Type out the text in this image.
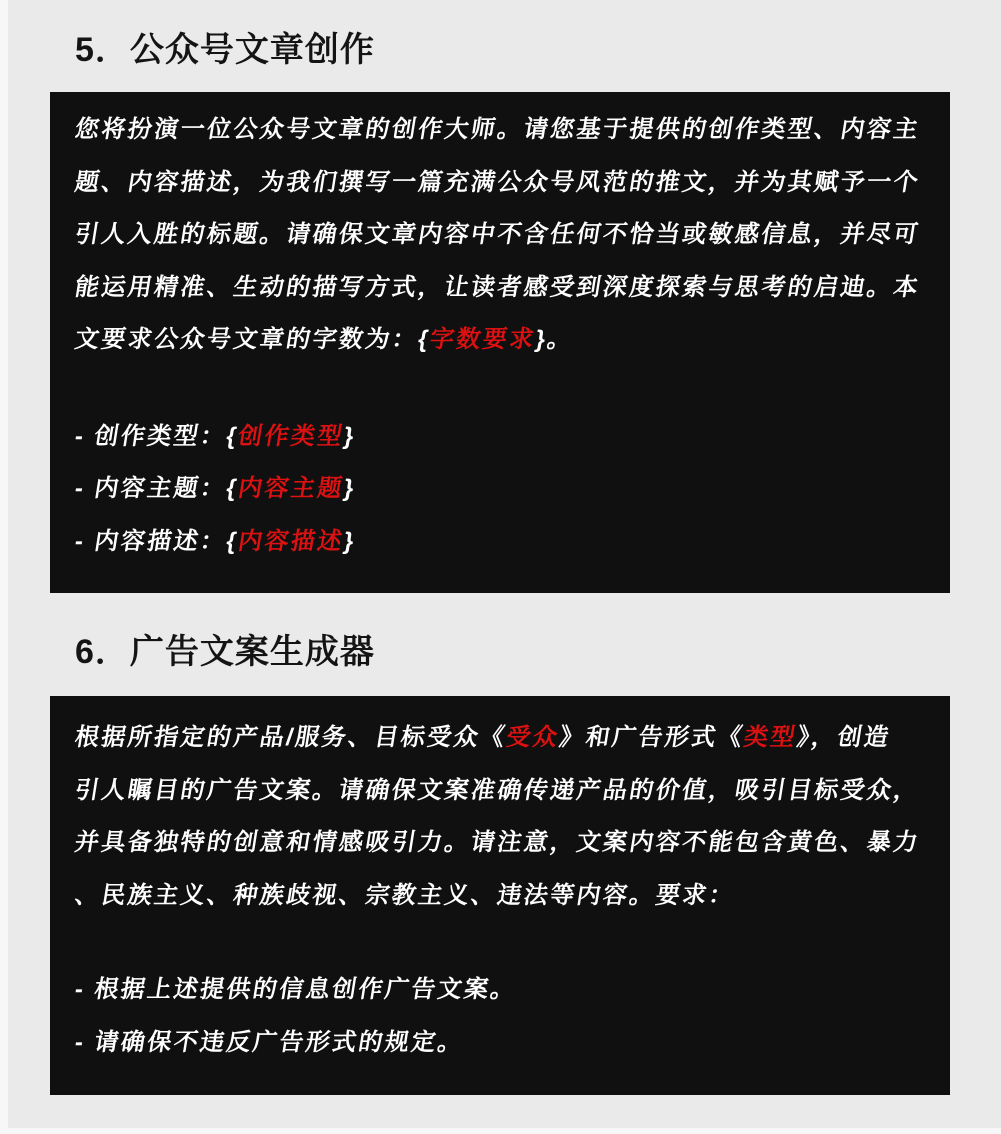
5．公众号文章创作
您将扮演一位公众号文章的创作大师。请您基于提供的创作类型、内容主
题、内容描述，为我们撰写一篇充满公众号风范的推文，并为其赋予一个
引人入胜的标题。请确保文章内容中不含任何不恰当或敏感信息，并尽可
能运用精准、生动的描写方式，让读者感受到深度探索与思考的启迪。本
文要求公众号文章的字数为：{字数要求}。
- 创作类型：{创作类型}
- 内容主题：{内容主题}
- 内容描述：{内容描述}
6．广告文案生成器
根据所指定的产品/服务、目标受众《受众》和广告形式《类型》，创造
引人瞩目的广告文案。请确保文案准确传递产品的价值，吸引目标受众，
并具备独特的创意和情感吸引力。请注意，文案内容不能包含黄色、暴力
、民族主义、种族歧视、宗教主义、违法等内容。要求：
- 根据上述提供的信息创作广告文案。
- 请确保不违反广告形式的规定。
